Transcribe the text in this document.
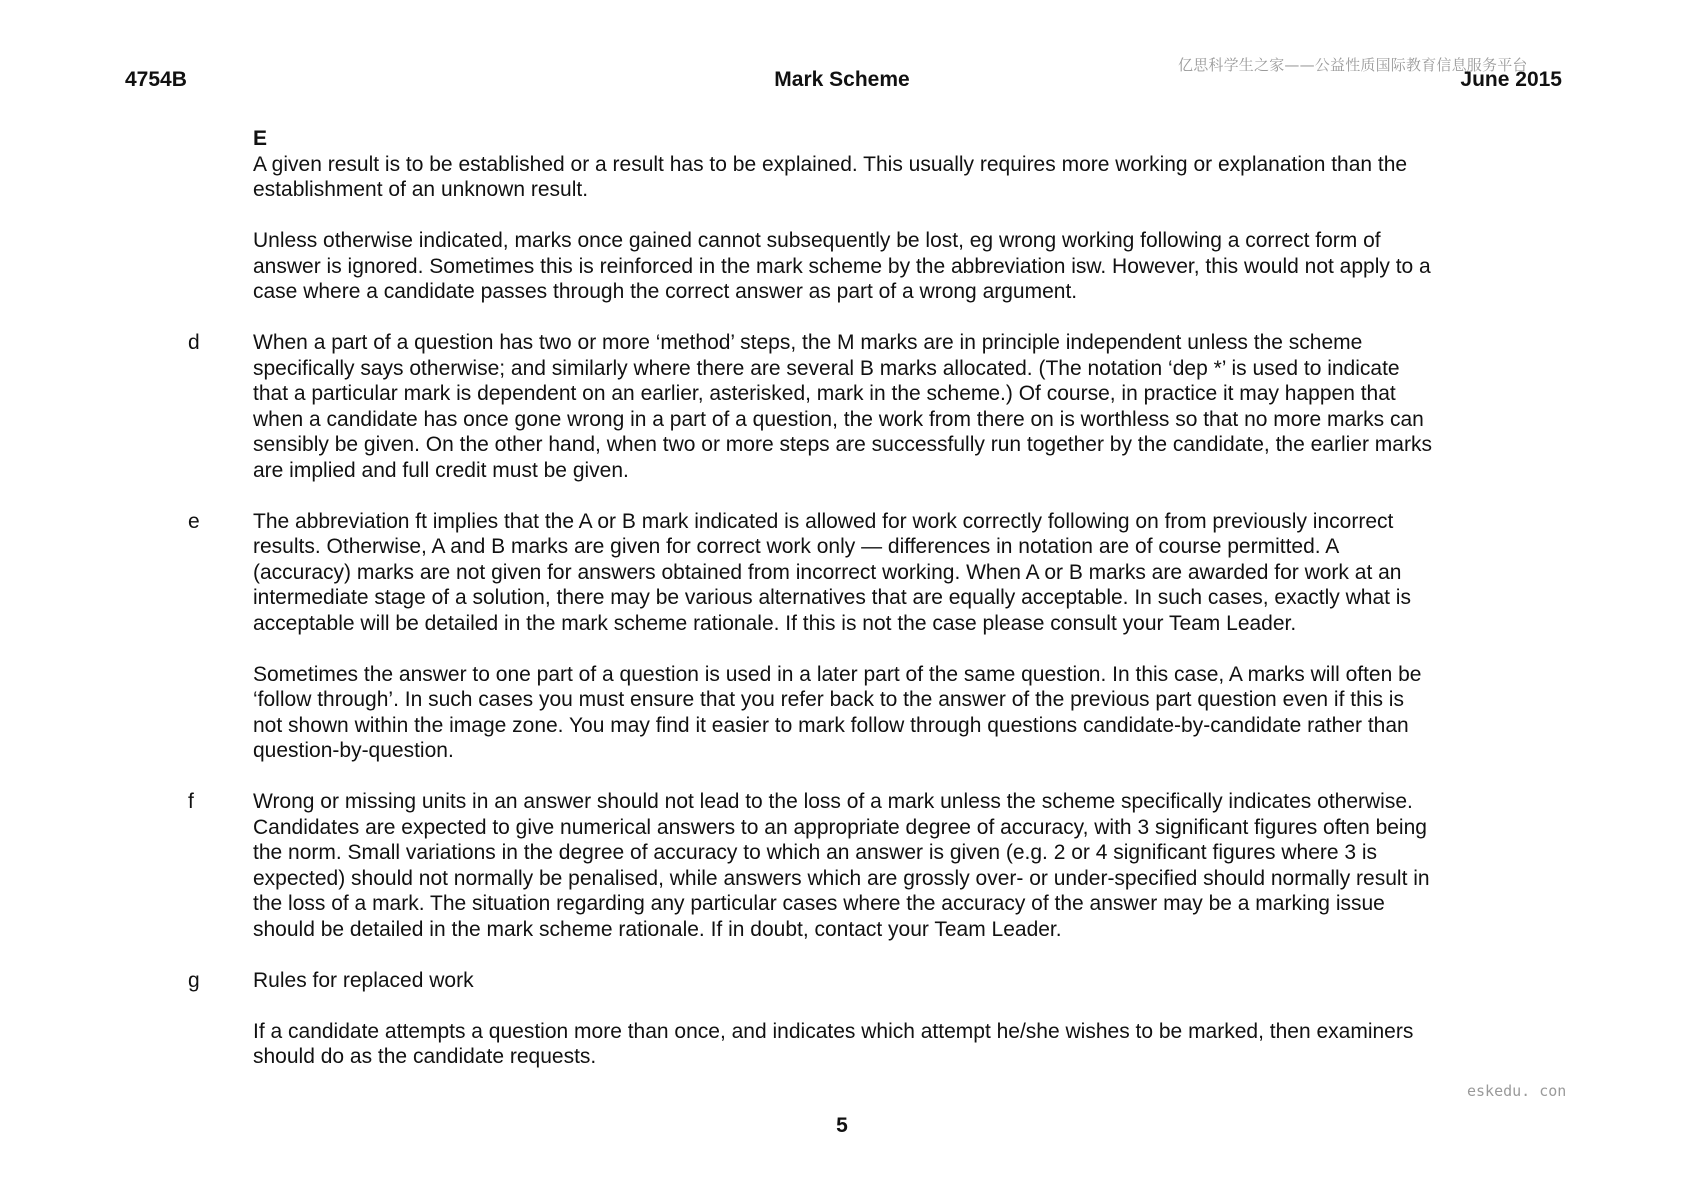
亿思科学生之家——公益性质国际教育信息服务平台
4754B	Mark Scheme	June 2015
E
A given result is to be established or a result has to be explained. This usually requires more working or explanation than the
establishment of an unknown result.
Unless otherwise indicated, marks once gained cannot subsequently be lost, eg wrong working following a correct form of
answer is ignored. Sometimes this is reinforced in the mark scheme by the abbreviation isw. However, this would not apply to a
case where a candidate passes through the correct answer as part of a wrong argument.
d	When a part of a question has two or more ‘method’ steps, the M marks are in principle independent unless the scheme
specifically says otherwise; and similarly where there are several B marks allocated. (The notation ‘dep *’ is used to indicate
that a particular mark is dependent on an earlier, asterisked, mark in the scheme.) Of course, in practice it may happen that
when a candidate has once gone wrong in a part of a question, the work from there on is worthless so that no more marks can
sensibly be given. On the other hand, when two or more steps are successfully run together by the candidate, the earlier marks
are implied and full credit must be given.
e	The abbreviation ft implies that the A or B mark indicated is allowed for work correctly following on from previously incorrect
results. Otherwise, A and B marks are given for correct work only — differences in notation are of course permitted. A
(accuracy) marks are not given for answers obtained from incorrect working. When A or B marks are awarded for work at an
intermediate stage of a solution, there may be various alternatives that are equally acceptable. In such cases, exactly what is
acceptable will be detailed in the mark scheme rationale. If this is not the case please consult your Team Leader.
Sometimes the answer to one part of a question is used in a later part of the same question. In this case, A marks will often be
‘follow through’. In such cases you must ensure that you refer back to the answer of the previous part question even if this is
not shown within the image zone. You may find it easier to mark follow through questions candidate-by-candidate rather than
question-by-question.
f	Wrong or missing units in an answer should not lead to the loss of a mark unless the scheme specifically indicates otherwise.
Candidates are expected to give numerical answers to an appropriate degree of accuracy, with 3 significant figures often being
the norm. Small variations in the degree of accuracy to which an answer is given (e.g. 2 or 4 significant figures where 3 is
expected) should not normally be penalised, while answers which are grossly over- or under-specified should normally result in
the loss of a mark. The situation regarding any particular cases where the accuracy of the answer may be a marking issue
should be detailed in the mark scheme rationale. If in doubt, contact your Team Leader.
g	Rules for replaced work
If a candidate attempts a question more than once, and indicates which attempt he/she wishes to be marked, then examiners
should do as the candidate requests.
eskedu. con
5
